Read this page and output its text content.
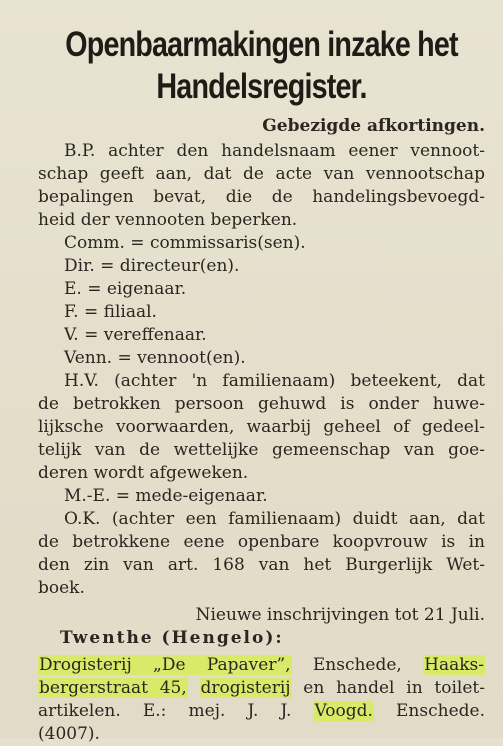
Openbaarmakingen inzake het
Handelsregister.
Gebezigde afkortingen.
B.P. achter den handelsnaam eener vennoot-
schap geeft aan, dat de acte van vennootschap
bepalingen bevat, die de handelingsbevoegd-
heid der vennooten beperken.
Comm. = commissaris(sen).
Dir. = directeur(en).
E. = eigenaar.
F. = filiaal.
V. = vereffenaar.
Venn. = vennoot(en).
H.V. (achter 'n familienaam) beteekent, dat
de betrokken persoon gehuwd is onder huwe-
lijksche voorwaarden, waarbij geheel of gedeel-
telijk van de wettelijke gemeenschap van goe-
deren wordt afgeweken.
M.-E. = mede-eigenaar.
O.K. (achter een familienaam) duidt aan, dat
de betrokkene eene openbare koopvrouw is in
den zin van art. 168 van het Burgerlijk Wet-
boek.
Nieuwe inschrijvingen tot 21 Juli.
Twenthe (Hengelo):
Drogisterij „De Papaver”, Enschede, Haaks-
bergerstraat 45, drogisterij en handel in toilet-
artikelen. E.: mej. J. J. Voogd. Enschede.
(4007).
